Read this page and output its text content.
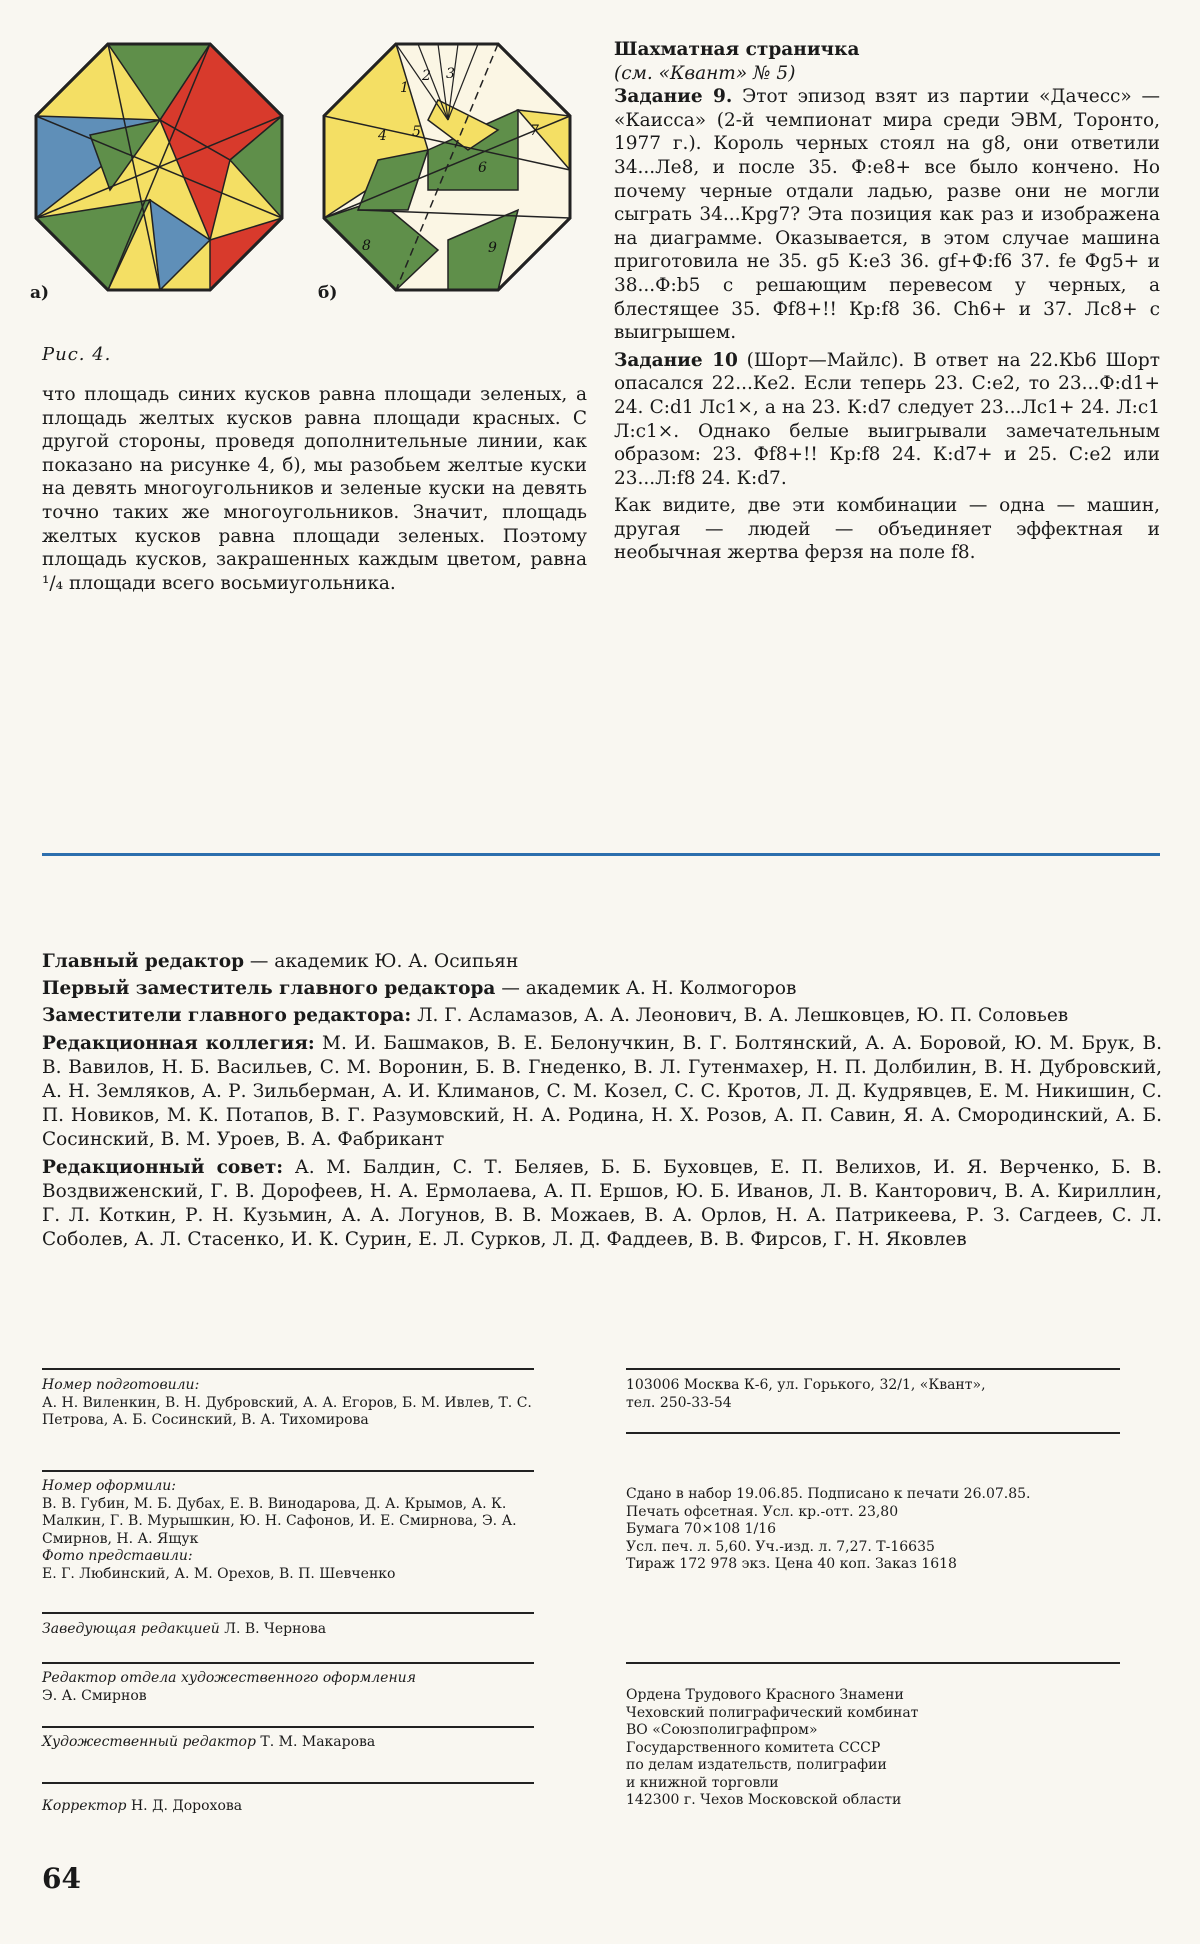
1
2 3
4 5
6
7
8	9
а)	б)
Рис. 4.
что площадь синих кусков равна площади зеленых, а площадь желтых кусков равна площади красных. С другой стороны, проведя дополнительные линии, как показано на рисунке 4, б), мы разобьем желтые куски на девять многоугольников и зеленые куски на девять точно таких же многоугольников. Значит, площадь желтых кусков равна площади зеленых. Поэтому площадь кусков, закрашенных каждым цветом, равна ¹/₄ площади всего восьмиугольника.
Шахматная страничка
(см. «Квант» № 5)

Задание 9. Этот эпизод взят из партии «Дачесс» — «Каисса» (2-й чемпионат мира среди ЭВМ, Торонто, 1977 г.). Король черных стоял на g8, они ответили 34...Ле8, и после 35. Ф:е8+ все было кончено. Но почему черные отдали ладью, разве они не могли сыграть 34...Крg7? Эта позиция как раз и изображена на диаграмме. Оказывается, в этом случае машина приготовила не 35. g5 К:е3 36. gf+Ф:f6 37. fe Фg5+ и 38...Ф:b5 с решающим перевесом у черных, а блестящее 35. Фf8+!! Кр:f8 36. Сh6+ и 37. Лс8+ с выигрышем.

Задание 10 (Шорт—Майлс). В ответ на 22.Кb6 Шорт опасался 22...Ке2. Если теперь 23. С:е2, то 23...Ф:d1+ 24. С:d1 Лс1×, а на 23. К:d7 следует 23...Лс1+ 24. Л:с1 Л:с1×. Однако белые выигрывали замечательным образом: 23. Фf8+!! Кр:f8 24. К:d7+ и 25. С:е2 или 23...Л:f8 24. К:d7.

Как видите, две эти комбинации — одна — машин, другая — людей — объединяет эффектная и необычная жертва ферзя на поле f8.

Главный редактор — академик Ю. А. Осипьян

Первый заместитель главного редактора — академик А. Н. Колмогоров

Заместители главного редактора: Л. Г. Асламазов, А. А. Леонович, В. А. Лешковцев, Ю. П. Соловьев

Редакционная коллегия: М. И. Башмаков, В. Е. Белонучкин, В. Г. Болтянский, А. А. Боровой, Ю. М. Брук, В. В. Вавилов, Н. Б. Васильев, С. М. Воронин, Б. В. Гнеденко, В. Л. Гутенмахер, Н. П. Долбилин, В. Н. Дубровский, А. Н. Земляков, А. Р. Зильберман, А. И. Климанов, С. М. Козел, С. С. Кротов, Л. Д. Кудрявцев, Е. М. Никишин, С. П. Новиков, М. К. Потапов, В. Г. Разумовский, Н. А. Родина, Н. Х. Розов, А. П. Савин, Я. А. Смородинский, А. Б. Сосинский, В. М. Уроев, В. А. Фабрикант

Редакционный совет: А. М. Балдин, С. Т. Беляев, Б. Б. Буховцев, Е. П. Велихов, И. Я. Верченко, Б. В. Воздвиженский, Г. В. Дорофеев, Н. А. Ермолаева, А. П. Ершов, Ю. Б. Иванов, Л. В. Канторович, В. А. Кириллин, Г. Л. Коткин, Р. Н. Кузьмин, А. А. Логунов, В. В. Можаев, В. А. Орлов, Н. А. Патрикеева, Р. З. Сагдеев, С. Л. Соболев, А. Л. Стасенко, И. К. Сурин, Е. Л. Сурков, Л. Д. Фаддеев, В. В. Фирсов, Г. Н. Яковлев

Номер подготовили:
А. Н. Виленкин, В. Н. Дубровский, А. А. Егоров, Б. М. Ивлев, Т. С. Петрова, А. Б. Сосинский, В. А. Тихомирова
Номер оформили:
В. В. Губин, М. Б. Дубах, Е. В. Винодарова, Д. А. Крымов, А. К. Малкин, Г. В. Мурышкин, Ю. Н. Сафонов, И. Е. Смирнова, Э. А. Смирнов, Н. А. Ящук
Фото представили:
Е. Г. Любинский, А. М. Орехов, В. П. Шевченко
Заведующая редакцией Л. В. Чернова
Редактор отдела художественного оформления
Э. А. Смирнов
Художественный редактор Т. М. Макарова
Корректор Н. Д. Дорохова
103006 Москва К-6, ул. Горького, 32/1, «Квант»,
тел. 250-33-54
Сдано в набор 19.06.85. Подписано к печати 26.07.85.
Печать офсетная. Усл. кр.-отт. 23,80
Бумага 70×108 1/16
Усл. печ. л. 5,60. Уч.-изд. л. 7,27. Т-16635
Тираж 172 978 экз. Цена 40 коп. Заказ 1618
Ордена Трудового Красного Знамени
Чеховский полиграфический комбинат
ВО «Союзполиграфпром»
Государственного комитета СССР
по делам издательств, полиграфии
и книжной торговли
142300 г. Чехов Московской области
64
